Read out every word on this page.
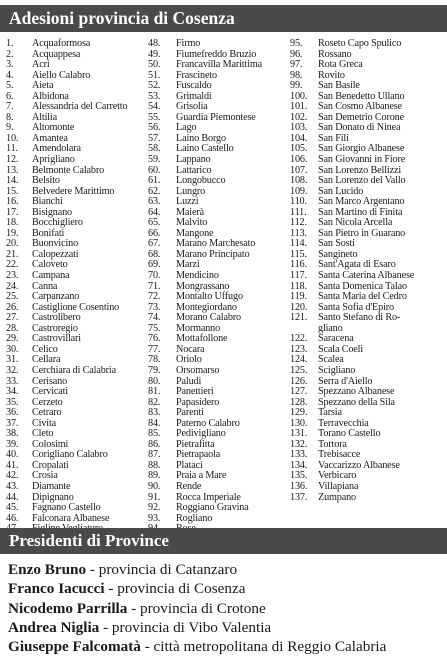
Adesioni provincia di Cosenza
1. Acquaformosa
2. Acquappesa
3. Acri
4. Aiello Calabro
5. Aieta
6. Albidona
7. Alessandria del Carretto
8. Altilia
9. Altomonte
10. Amantea
11. Amendolara
12. Aprigliano
13. Belmonte Calabro
14. Belsito
15. Belvedere Marittimo
16. Bianchi
17. Bisignano
18. Bocchigliero
19. Bonifati
20. Buonvicino
21. Calopezzati
22. Caloveto
23. Campana
24. Canna
25. Carpanzano
26. Castiglione Cosentino
27. Castrolibero
28. Castroregio
29. Castrovillari
30. Celico
31. Cellara
32. Cerchiara di Calabria
33. Cerisano
34. Cervicati
35. Cerzeto
36. Cetraro
37. Civita
38. Cleto
39. Colosimi
40. Corigliano Calabro
41. Cropalati
42. Crosia
43. Diamante
44. Dipignano
45. Fagnano Castello
46. Falconara Albanese
48. Firmo
49. Fiumefreddo Bruzio
50. Francavilla Marittima
51. Frascineto
52. Fuscaldo
53. Grimaldi
54. Grisolia
55. Guardia Piemontese
56. Lago
57. Laino Borgo
58. Laino Castello
59. Lappano
60. Lattarico
61. Longobucco
62. Lungro
63. Luzzi
64. Maierà
65. Malvito
66. Mangone
67. Marano Marchesato
68. Marano Principato
69. Marzi
70. Mendicino
71. Mongrassano
72. Montalto Uffugo
73. Montegiordano
74. Morano Calabro
75. Mormanno
76. Mottafollone
77. Nocara
78. Oriolo
79. Orsomarso
80. Paludi
81. Panettieri
82. Papasidero
83. Parenti
84. Paterno Calabro
85. Pedivigliano
86. Pietrafitta
87. Pietrapaola
88. Platací
89. Praia a Mare
90. Rende
91. Rocca Imperiale
92. Roggiano Gravina
93. Rogliano
95. Roseto Capo Spulico
96. Rossano
97. Rota Greca
98. Rovito
99. San Basile
100. San Benedetto Ullano
101. San Cosmo Albanese
102. San Demetrio Corone
103. San Donato di Ninea
104. San Fili
105. San Giorgio Albanese
106. San Giovanni in Fiore
107. San Lorenzo Bellizzi
108. San Lorenzo del Vallo
109. San Lucido
110. San Marco Argentano
111. San Martino di Finita
112. San Nicola Arcella
113. San Pietro in Guarano
114. San Sosti
115. Sangineto
116. Sant'Agata di Esaro
117. Santa Caterina Albanese
118. Santa Domenica Talao
119. Santa Maria del Cedro
120. Santa Sofia d'Epiro
121. Santo Stefano di Ro-
gliano
122. Saracena
123. Scala Coeli
124. Scalea
125. Scigliano
126. Serra d'Aiello
127. Spezzano Albanese
128. Spezzano della Sila
129. Tarsia
130. Terravecchia
131. Torano Castello
132. Tortora
133. Trebisacce
134. Vaccarizzo Albanese
135. Verbicaro
136. Villapiana
137. Zumpano
Presidenti di Province
Enzo Bruno - provincia di Catanzaro
Franco Iacucci - provincia di Cosenza
Nicodemo Parrilla - provincia di Crotone
Andrea Niglia - provincia di Vibo Valentia
Giuseppe Falcomatà - città metropolitana di Reggio Calabria
